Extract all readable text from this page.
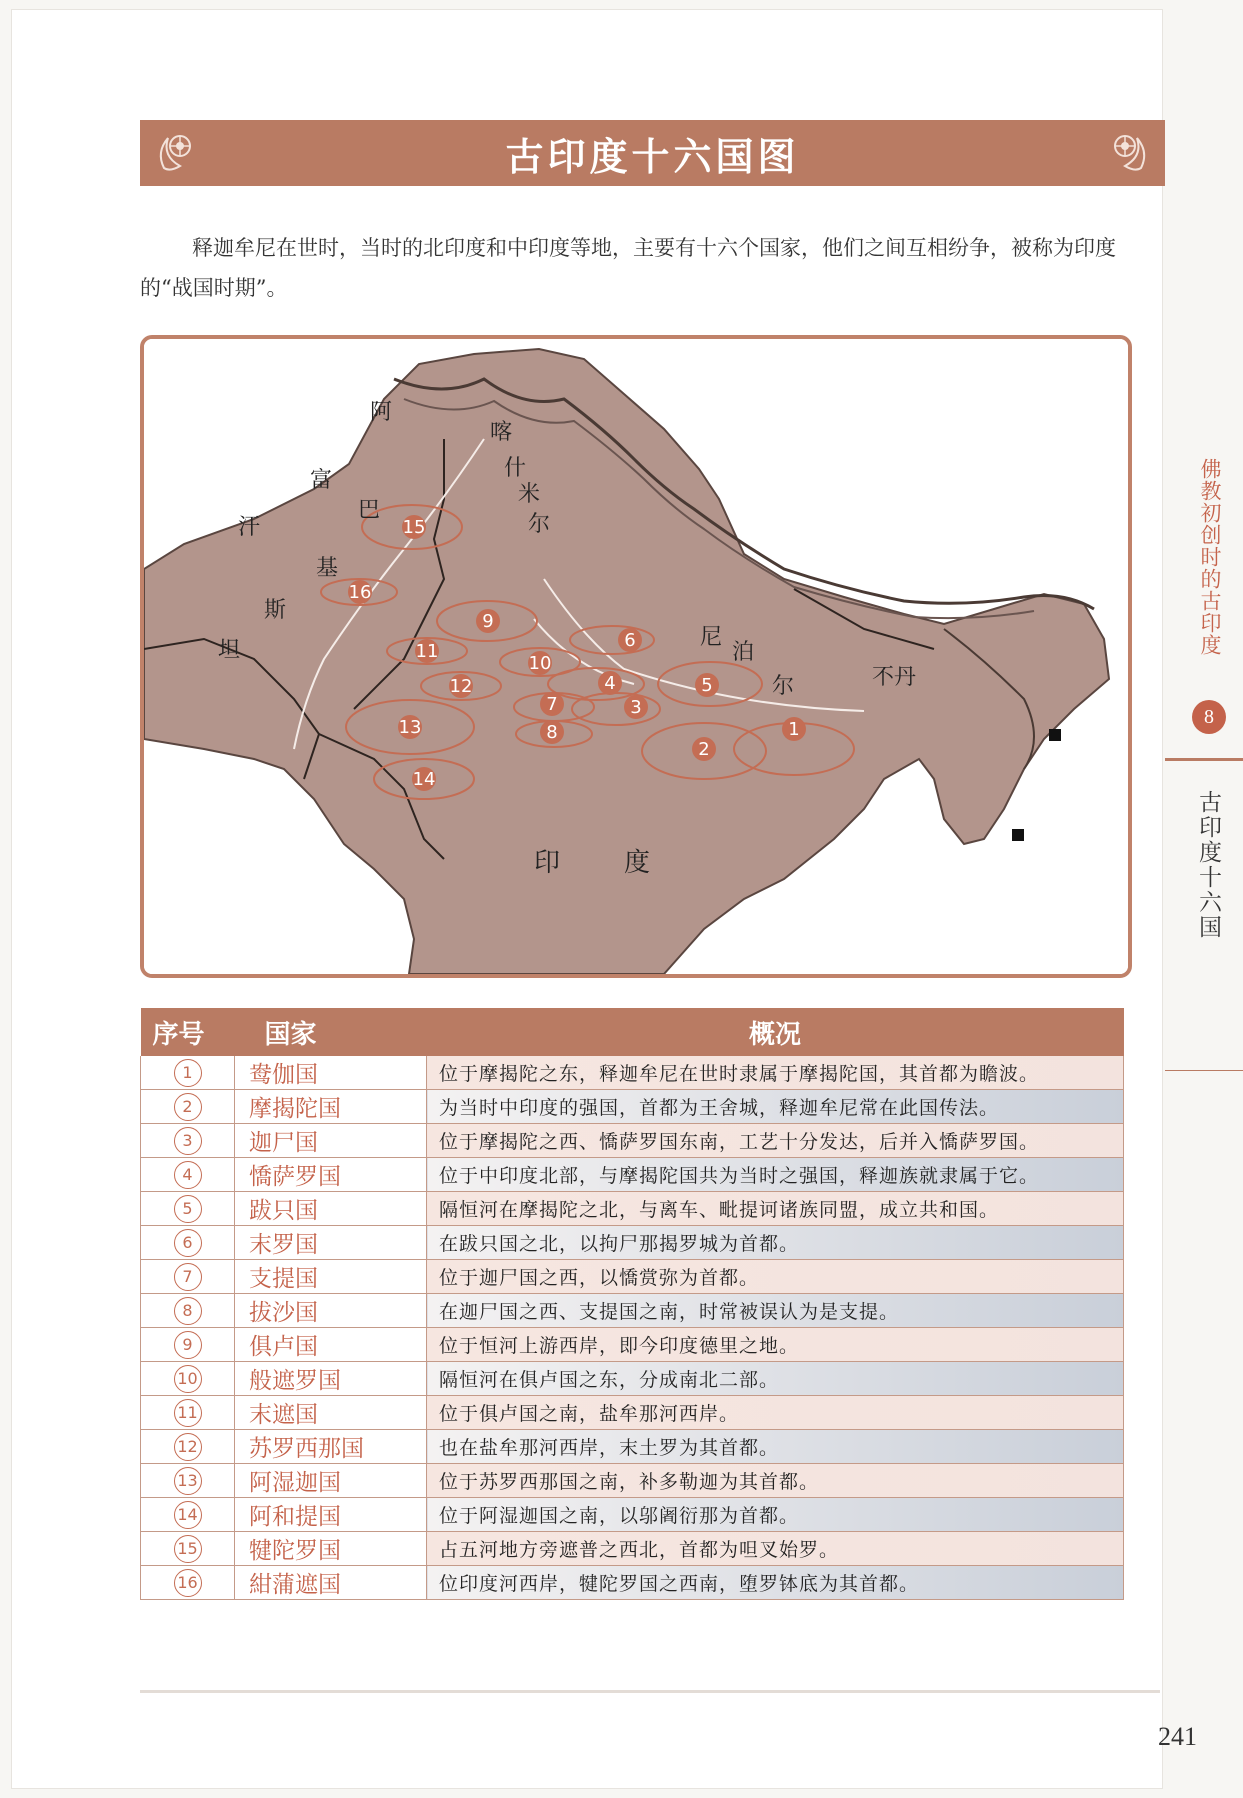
古印度十六国图
释迦牟尼在世时，当时的北印度和中印度等地，主要有十六个国家，他们之间互相纷争，被称为印度的“战国时期”。
1
2
3
4	5
6
7
8
9
10
11
12
13
14
15
16
阿
富
汗
巴
基
斯
坦
喀
什
米
尔
尼
泊
尔	不丹
印 度
序号	国家	概况
1	鸯伽国	位于摩揭陀之东，释迦牟尼在世时隶属于摩揭陀国，其首都为瞻波。
2	摩揭陀国	为当时中印度的强国，首都为王舍城，释迦牟尼常在此国传法。
3	迦尸国	位于摩揭陀之西、憍萨罗国东南，工艺十分发达，后并入憍萨罗国。
4	憍萨罗国	位于中印度北部，与摩揭陀国共为当时之强国，释迦族就隶属于它。
5	跋只国	隔恒河在摩揭陀之北，与离车、毗提诃诸族同盟，成立共和国。
6	末罗国	在跋只国之北，以拘尸那揭罗城为首都。
7	支提国	位于迦尸国之西，以憍赏弥为首都。
8	拔沙国	在迦尸国之西、支提国之南，时常被误认为是支提。
9	俱卢国	位于恒河上游西岸，即今印度德里之地。
10	般遮罗国	隔恒河在俱卢国之东，分成南北二部。
11	末遮国	位于俱卢国之南，盐牟那河西岸。
12	苏罗西那国	也在盐牟那河西岸，末土罗为其首都。
13	阿湿迦国	位于苏罗西那国之南，补多勒迦为其首都。
14	阿和提国	位于阿湿迦国之南，以邬阇衍那为首都。
15	犍陀罗国	占五河地方旁遮普之西北，首都为呾叉始罗。
16	紺蒲遮国	位印度河西岸，犍陀罗国之西南，堕罗钵底为其首都。
241
佛教初创时的古印度
8
古印度十六国
